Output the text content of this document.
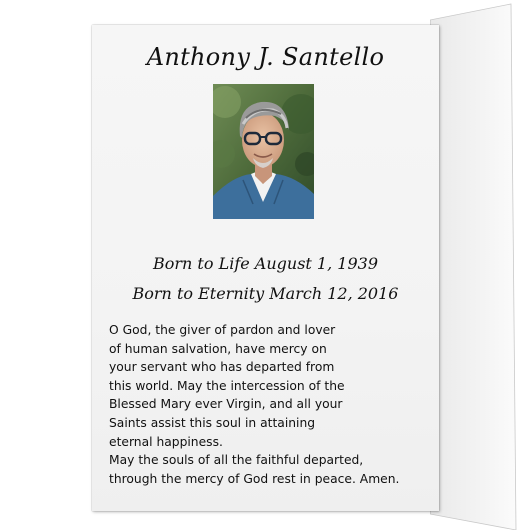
Anthony J. Santello

Born to Life August 1, 1939

Born to Eternity March 12, 2016

O God, the giver of pardon and lover
of human salvation, have mercy on
your servant who has departed from
this world. May the intercession of the
Blessed Mary ever Virgin, and all your
Saints assist this soul in attaining
eternal happiness.
May the souls of all the faithful departed,
through the mercy of God rest in peace. Amen.
